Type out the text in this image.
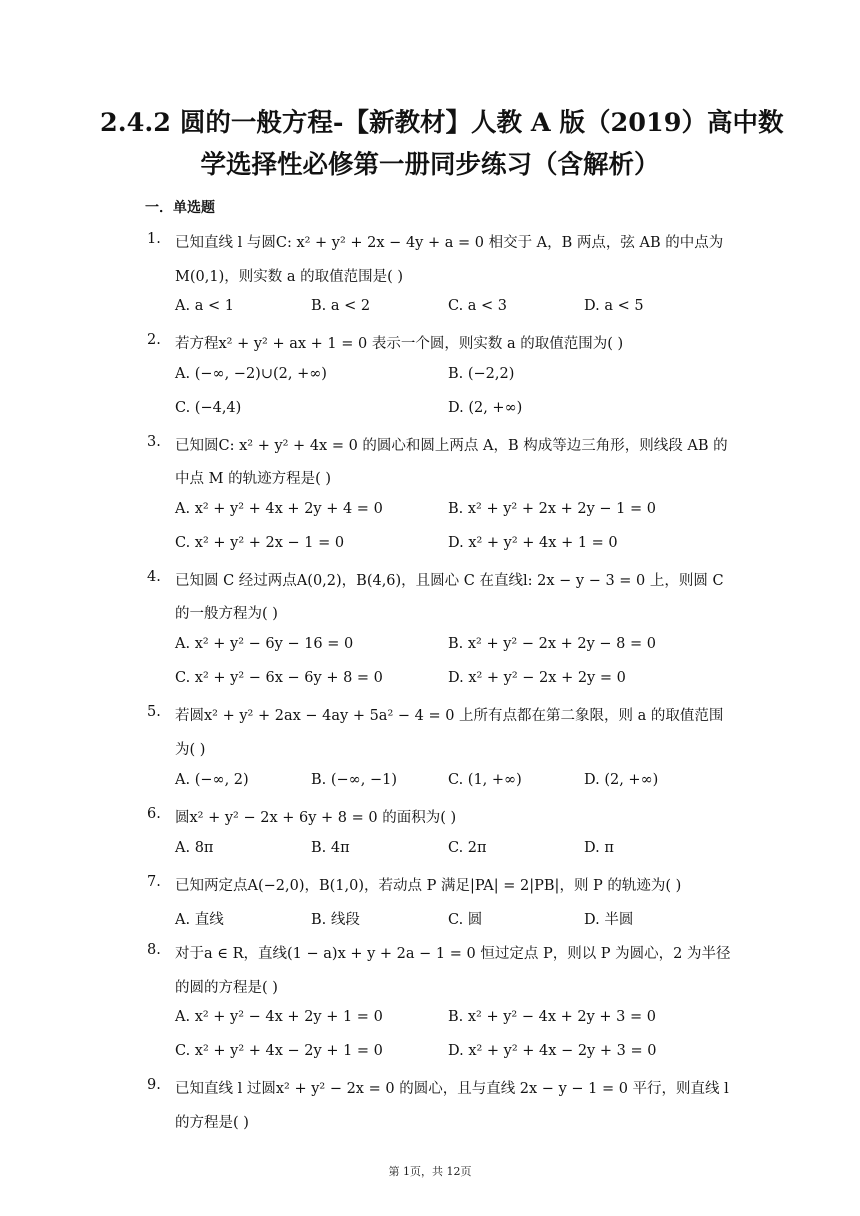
2.4.2 圆的一般方程-【新教材】人教 A 版（2019）高中数
学选择性必修第一册同步练习（含解析）
一．单选题
1. 已知直线 l 与圆C: x² + y² + 2x − 4y + a = 0 相交于 A，B 两点，弦 AB 的中点为
M(0,1)，则实数 a 的取值范围是( )
A. a < 1	B. a < 2	C. a < 3	D. a < 5
2. 若方程x² + y² + ax + 1 = 0 表示一个圆，则实数 a 的取值范围为( )
A. (−∞, −2)∪(2, +∞)	B. (−2,2)
C. (−4,4)	D. (2, +∞)
3. 已知圆C: x² + y² + 4x = 0 的圆心和圆上两点 A，B 构成等边三角形，则线段 AB 的
中点 M 的轨迹方程是( )
A. x² + y² + 4x + 2y + 4 = 0	B. x² + y² + 2x + 2y − 1 = 0
C. x² + y² + 2x − 1 = 0	D. x² + y² + 4x + 1 = 0
4. 已知圆 C 经过两点A(0,2)，B(4,6)，且圆心 C 在直线l: 2x − y − 3 = 0 上，则圆 C
的一般方程为( )
A. x² + y² − 6y − 16 = 0	B. x² + y² − 2x + 2y − 8 = 0
C. x² + y² − 6x − 6y + 8 = 0	D. x² + y² − 2x + 2y = 0
5. 若圆x² + y² + 2ax − 4ay + 5a² − 4 = 0 上所有点都在第二象限，则 a 的取值范围
为( )
A. (−∞, 2)	B. (−∞, −1)	C. (1, +∞)	D. (2, +∞)
6. 圆x² + y² − 2x + 6y + 8 = 0 的面积为( )
A. 8π	B. 4π	C. 2π	D. π
7. 已知两定点A(−2,0)，B(1,0)，若动点 P 满足|PA| = 2|PB|，则 P 的轨迹为( )
A. 直线	B. 线段	C. 圆	D. 半圆
8. 对于a ∈ R，直线(1 − a)x + y + 2a − 1 = 0 恒过定点 P，则以 P 为圆心，2 为半径
的圆的方程是( )
A. x² + y² − 4x + 2y + 1 = 0	B. x² + y² − 4x + 2y + 3 = 0
C. x² + y² + 4x − 2y + 1 = 0	D. x² + y² + 4x − 2y + 3 = 0
9. 已知直线 l 过圆x² + y² − 2x = 0 的圆心，且与直线 2x − y − 1 = 0 平行，则直线 l
的方程是( )
第 1页，共 12页
